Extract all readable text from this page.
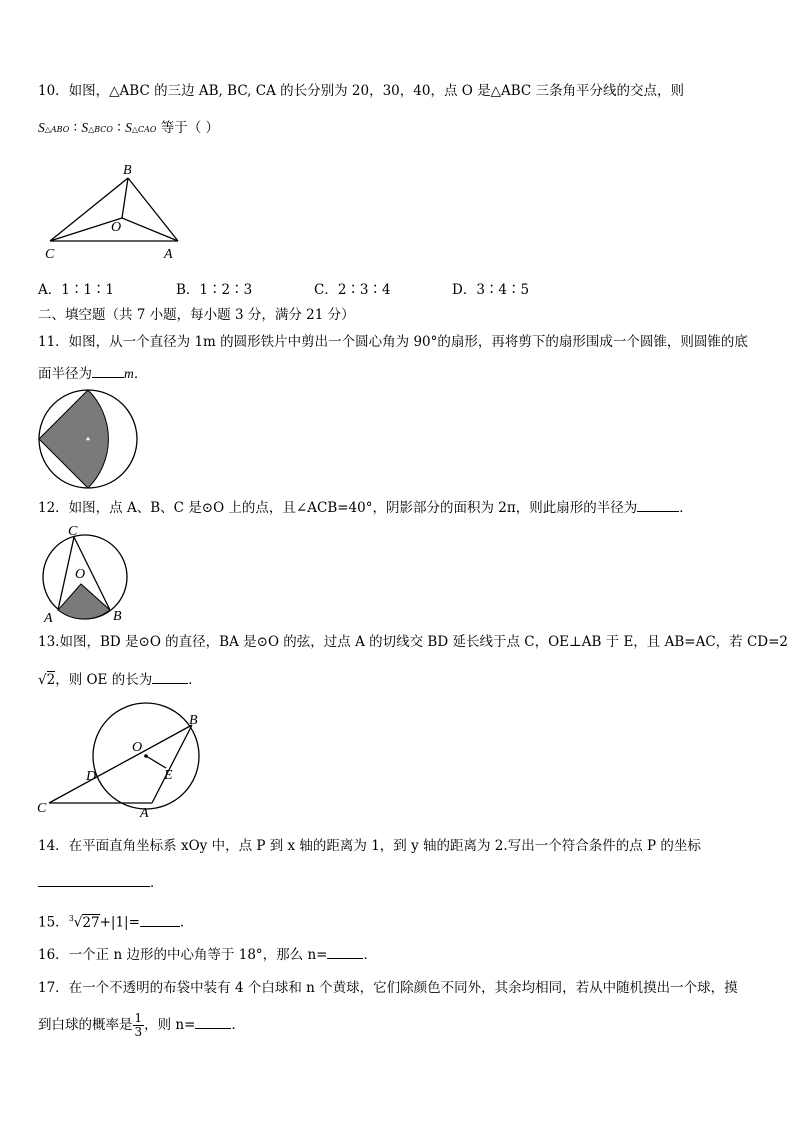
10．如图，△ABC 的三边 AB, BC, CA 的长分别为 20，30，40，点 O 是△ABC 三条角平分线的交点，则
S△ABO ∶ S△BCO ∶ S△CAO 等于（ ）
B
O
C	A
A．1∶1∶1	B．1∶2∶3	C．2∶3∶4	D．3∶4∶5
二、填空题（共 7 小题，每小题 3 分，满分 21 分）
11．如图，从一个直径为 1m 的圆形铁片中剪出一个圆心角为 90°的扇形，再将剪下的扇形围成一个圆锥，则圆锥的底
面半径为 m．
12．如图，点 A、B、C 是⊙O 上的点，且∠ACB=40°，阴影部分的面积为 2π，则此扇形的半径为	．
C
O
A	B
13.如图，BD 是⊙O 的直径，BA 是⊙O 的弦，过点 A 的切线交 BD 延长线于点 C，OE⊥AB 于 E，且 AB=AC，若 CD=2
√2，则 OE 的长为	．
B
O
D	E
C	A
14．在平面直角坐标系 xOy 中，点 P 到 x 轴的距离为 1，到 y 轴的距离为 2.写出一个符合条件的点 P 的坐标
．
15．$^3$√27+|1|=	．
16．一个正 n 边形的中心角等于 18°，那么 n=	．
17．在一个不透明的布袋中装有 4 个白球和 n 个黄球，它们除颜色不同外，其余均相同，若从中随机摸出一个球，摸
到白球的概率是 $\frac{1}{3}$ ，则 n=	．
